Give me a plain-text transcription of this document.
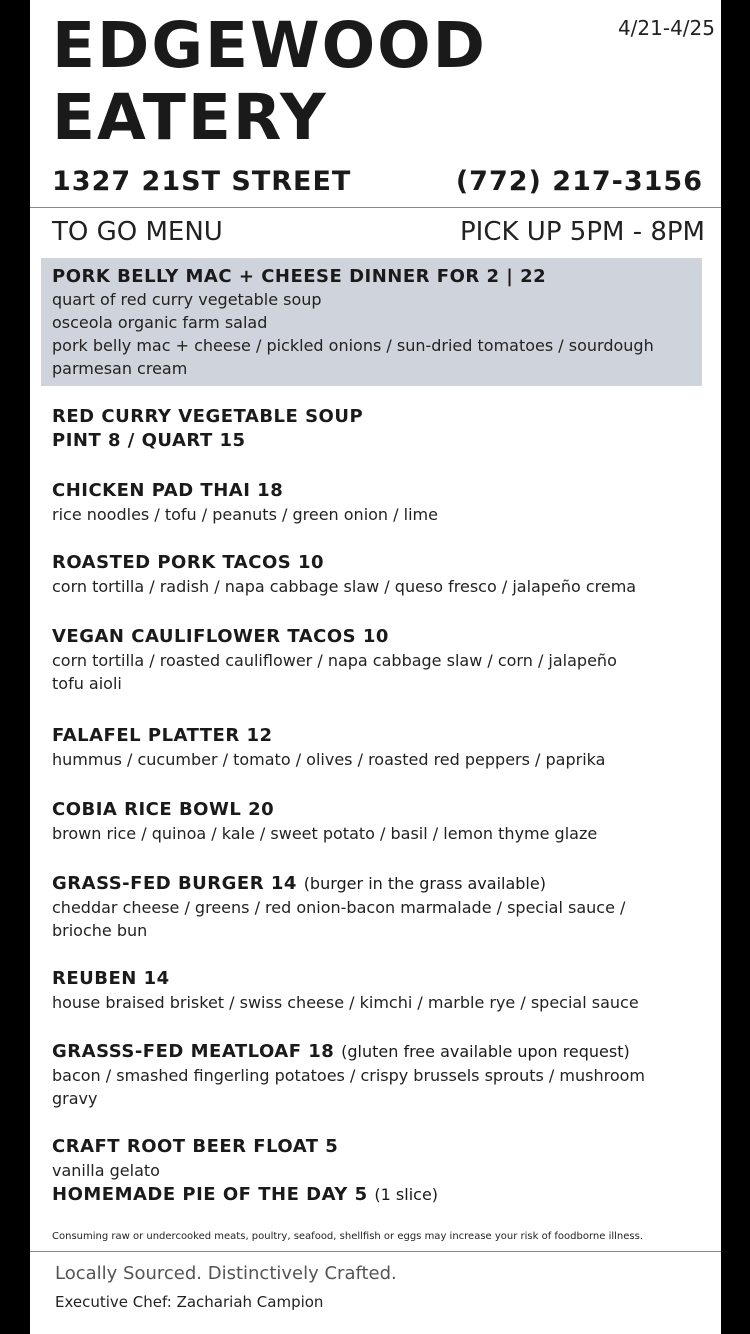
EDGEWOOD
EATERY
4/21-4/25
1327 21ST STREET	(772) 217-3156
TO GO MENU	PICK UP 5PM - 8PM
PORK BELLY MAC + CHEESE DINNER FOR 2 | 22
quart of red curry vegetable soup
osceola organic farm salad
pork belly mac + cheese / pickled onions / sun-dried tomatoes / sourdough
parmesan cream
RED CURRY VEGETABLE SOUP
PINT 8 / QUART 15
CHICKEN PAD THAI 18
rice noodles / tofu / peanuts / green onion / lime
ROASTED PORK TACOS 10
corn tortilla / radish / napa cabbage slaw / queso fresco / jalapeño crema
VEGAN CAULIFLOWER TACOS 10
corn tortilla / roasted cauliflower / napa cabbage slaw / corn / jalapeño
tofu aioli
FALAFEL PLATTER 12
hummus / cucumber / tomato / olives / roasted red peppers / paprika
COBIA RICE BOWL 20
brown rice / quinoa / kale / sweet potato / basil / lemon thyme glaze
GRASS-FED BURGER 14 (burger in the grass available)
cheddar cheese / greens / red onion-bacon marmalade / special sauce /
brioche bun
REUBEN 14
house braised brisket / swiss cheese / kimchi / marble rye / special sauce
GRASSS-FED MEATLOAF 18 (gluten free available upon request)
bacon / smashed fingerling potatoes / crispy brussels sprouts / mushroom
gravy
CRAFT ROOT BEER FLOAT 5
vanilla gelato
HOMEMADE PIE OF THE DAY 5 (1 slice)
Consuming raw or undercooked meats, poultry, seafood, shellfish or eggs may increase your risk of foodborne illness.
Locally Sourced. Distinctively Crafted.
Executive Chef: Zachariah Campion
